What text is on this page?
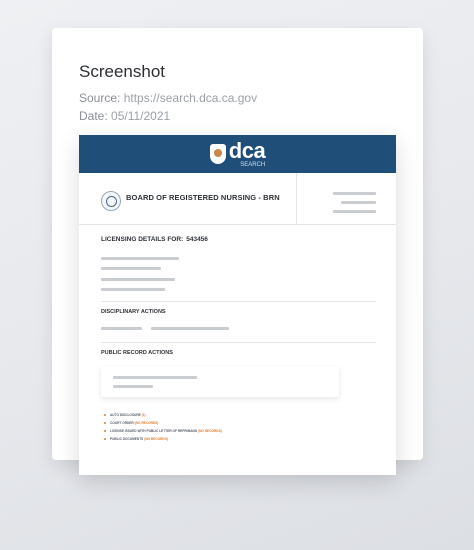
Screenshot
Source: https://search.dca.ca.gov
Date: 05/11/2021
dca
SEARCH
BOARD OF REGISTERED NURSING - BRN
LICENSING DETAILS FOR: 543456
DISCIPLINARY ACTIONS
PUBLIC RECORD ACTIONS
AUTO DISCLOSURE (1)
COURT ORDER (NO RECORDS)
LICENSE ISSUED WITH PUBLIC LETTER OF REPRIMAND (NO RECORDS)
PUBLIC DOCUMENTS (NO RECORDS)
